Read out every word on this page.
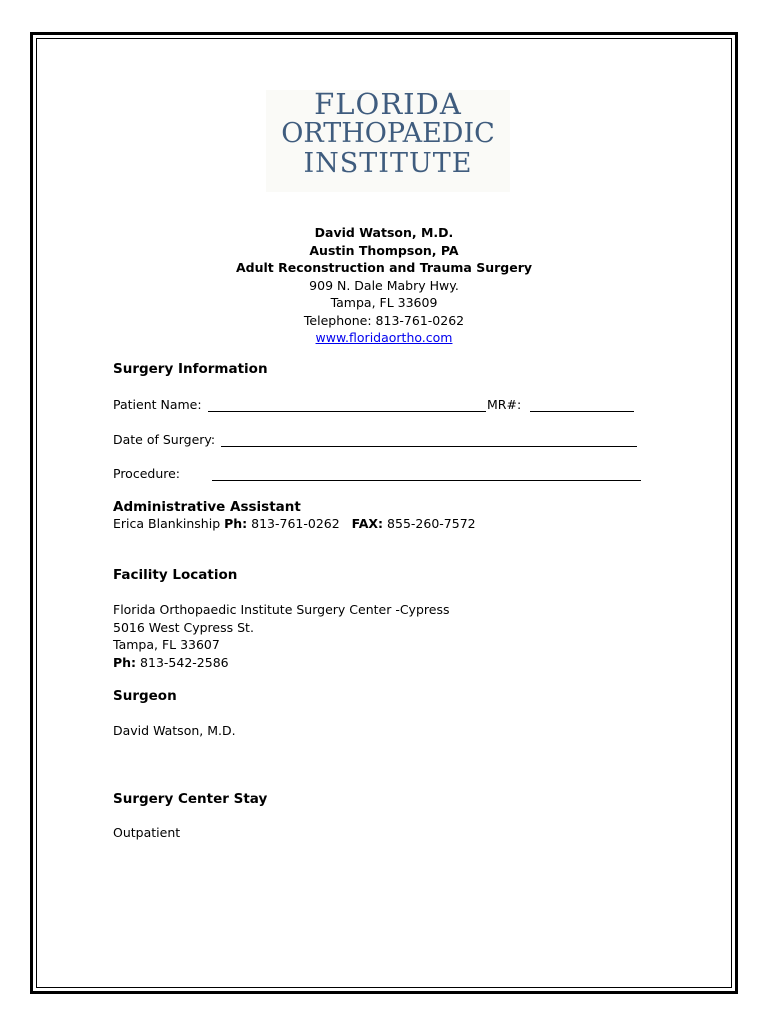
FLORIDA
ORTHOPAEDIC
INSTITUTE
David Watson, M.D.
Austin Thompson, PA
Adult Reconstruction and Trauma Surgery
909 N. Dale Mabry Hwy.
Tampa, FL 33609
Telephone: 813-761-0262
www.floridaortho.com
Surgery Information
Patient Name:	MR#:
Date of Surgery:
Procedure:
Administrative Assistant
Erica Blankinship Ph: 813-761-0262 FAX: 855-260-7572
Facility Location
Florida Orthopaedic Institute Surgery Center -Cypress
5016 West Cypress St.
Tampa, FL 33607
Ph: 813-542-2586
Surgeon
David Watson, M.D.
Surgery Center Stay
Outpatient
